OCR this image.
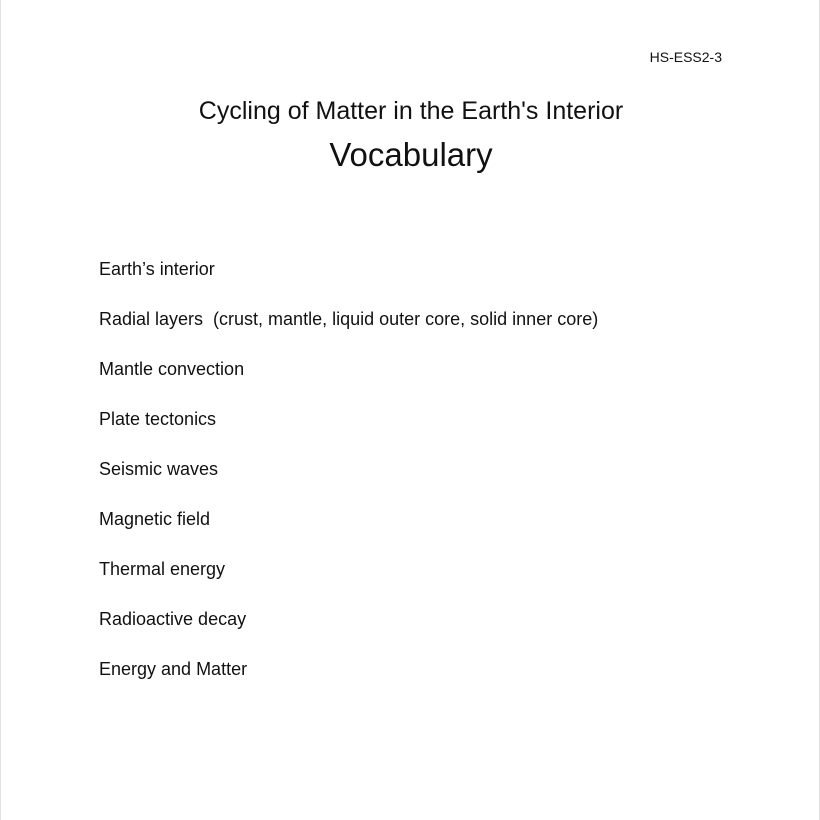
HS-ESS2-3
Cycling of Matter in the Earth's Interior
Vocabulary
Earth’s interior
Radial layers  (crust, mantle, liquid outer core, solid inner core)
Mantle convection
Plate tectonics
Seismic waves
Magnetic field
Thermal energy
Radioactive decay
Energy and Matter
